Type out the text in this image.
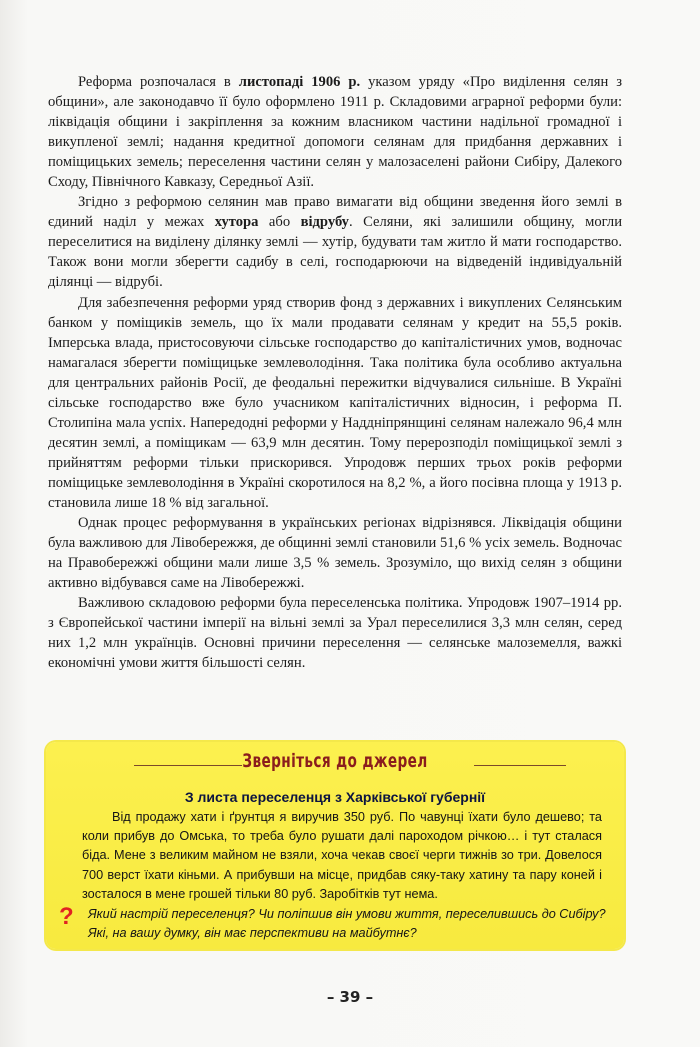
Реформа розпочалася в листопаді 1906 р. указом уряду «Про виділення селян з общини», але законодавчо її було оформлено 1911 р. Складовими аграрної реформи були: ліквідація общини і закріплення за кожним власником частини надільної громадної і викупленої землі; надання кредитної допомоги селянам для придбання державних і поміщицьких земель; переселення частини селян у малозаселені райони Сибіру, Далекого Сходу, Північного Кавказу, Середньої Азії.

Згідно з реформою селянин мав право вимагати від общини зведення його землі в єдиний наділ у межах хутора або відрубу. Селяни, які залишили общину, могли переселитися на виділену ділянку землі — хутір, будувати там житло й мати господарство. Також вони могли зберегти садибу в селі, господарюючи на відведеній індивідуальній ділянці — відрубі.

Для забезпечення реформи уряд створив фонд з державних і викуплених Селянським банком у поміщиків земель, що їх мали продавати селянам у кредит на 55,5 років. Імперська влада, пристосовуючи сільське господарство до капіталістичних умов, водночас намагалася зберегти поміщицьке землеволодіння. Така політика була особливо актуальна для центральних районів Росії, де феодальні пережитки відчувалися сильніше. В Україні сільське господарство вже було учасником капіталістичних відносин, і реформа П. Столипіна мала успіх. Напередодні реформи у Наддніпрянщині селянам належало 96,4 млн десятин землі, а поміщикам — 63,9 млн десятин. Тому перерозподіл поміщицької землі з прийняттям реформи тільки прискорився. Упродовж перших трьох років реформи поміщицьке землеволодіння в Україні скоротилося на 8,2 %, а його посівна площа у 1913 р. становила лише 18 % від загальної.

Однак процес реформування в українських регіонах відрізнявся. Ліквідація общини була важливою для Лівобережжя, де общинні землі становили 51,6 % усіх земель. Водночас на Правобережжі общини мали лише 3,5 % земель. Зрозуміло, що вихід селян з общини активно відбувався саме на Лівобережжі.

Важливою складовою реформи була переселенська політика. Упродовж 1907–1914 рр. з Європейської частини імперії на вільні землі за Урал переселилися 3,3 млн селян, серед них 1,2 млн українців. Основні причини переселення — селянське малоземелля, важкі економічні умови життя більшості селян.

Зверніться до джерел
З листа переселенця з Харківської губернії
Від продажу хати і ґрунтця я виручив 350 руб. По чавунці їхати було дешево; та коли прибув до Омська, то треба було рушати далі пароходом річкою… і тут сталася біда. Мене з великим майном не взяли, хоча чекав своєї черги тижнів зо три. Довелося 700 верст їхати кіньми. А прибувши на місце, придбав сяку-таку хатину та пару коней і зосталося в мене грошей тільки 80 руб. Заробітків тут нема.
? Який настрій переселенця? Чи поліпшив він умови життя, переселившись до Сибіру? Які, на вашу думку, він має перспективи на майбутнє?
– 39 –
